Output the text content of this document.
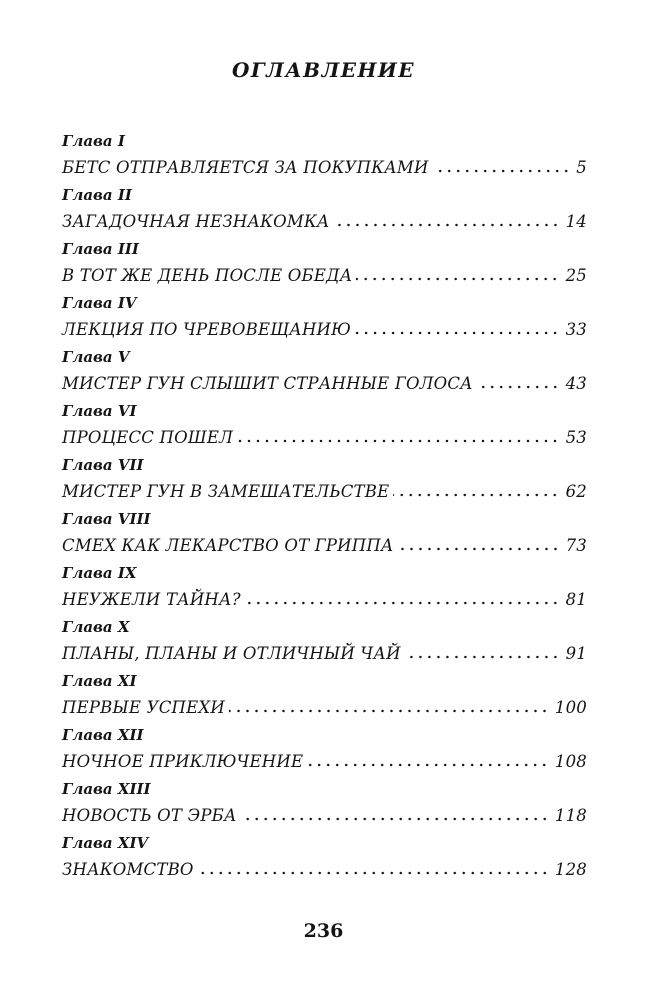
ОГЛАВЛЕНИЕ
Глава I
БЕТС ОТПРАВЛЯЕТСЯ ЗА ПОКУПКАМИ	5
Глава II
ЗАГАДОЧНАЯ НЕЗНАКОМКА	14
Глава III
В ТОТ ЖЕ ДЕНЬ ПОСЛЕ ОБЕДА	25
Глава IV
ЛЕКЦИЯ ПО ЧРЕВОВЕЩАНИЮ	33
Глава V
МИСТЕР ГУН СЛЫШИТ СТРАННЫЕ ГОЛОСА	43
Глава VI
ПРОЦЕСС ПОШЕЛ	53
Глава VII
МИСТЕР ГУН В ЗАМЕШАТЕЛЬСТВЕ	62
Глава VIII
СМЕХ КАК ЛЕКАРСТВО ОТ ГРИППА	73
Глава IX
НЕУЖЕЛИ ТАЙНА?	81
Глава X
ПЛАНЫ, ПЛАНЫ И ОТЛИЧНЫЙ ЧАЙ	91
Глава XI
ПЕРВЫЕ УСПЕХИ	100
Глава XII
НОЧНОЕ ПРИКЛЮЧЕНИЕ	108
Глава XIII
НОВОСТЬ ОТ ЭРБА	118
Глава XIV
ЗНАКОМСТВО	128
236
